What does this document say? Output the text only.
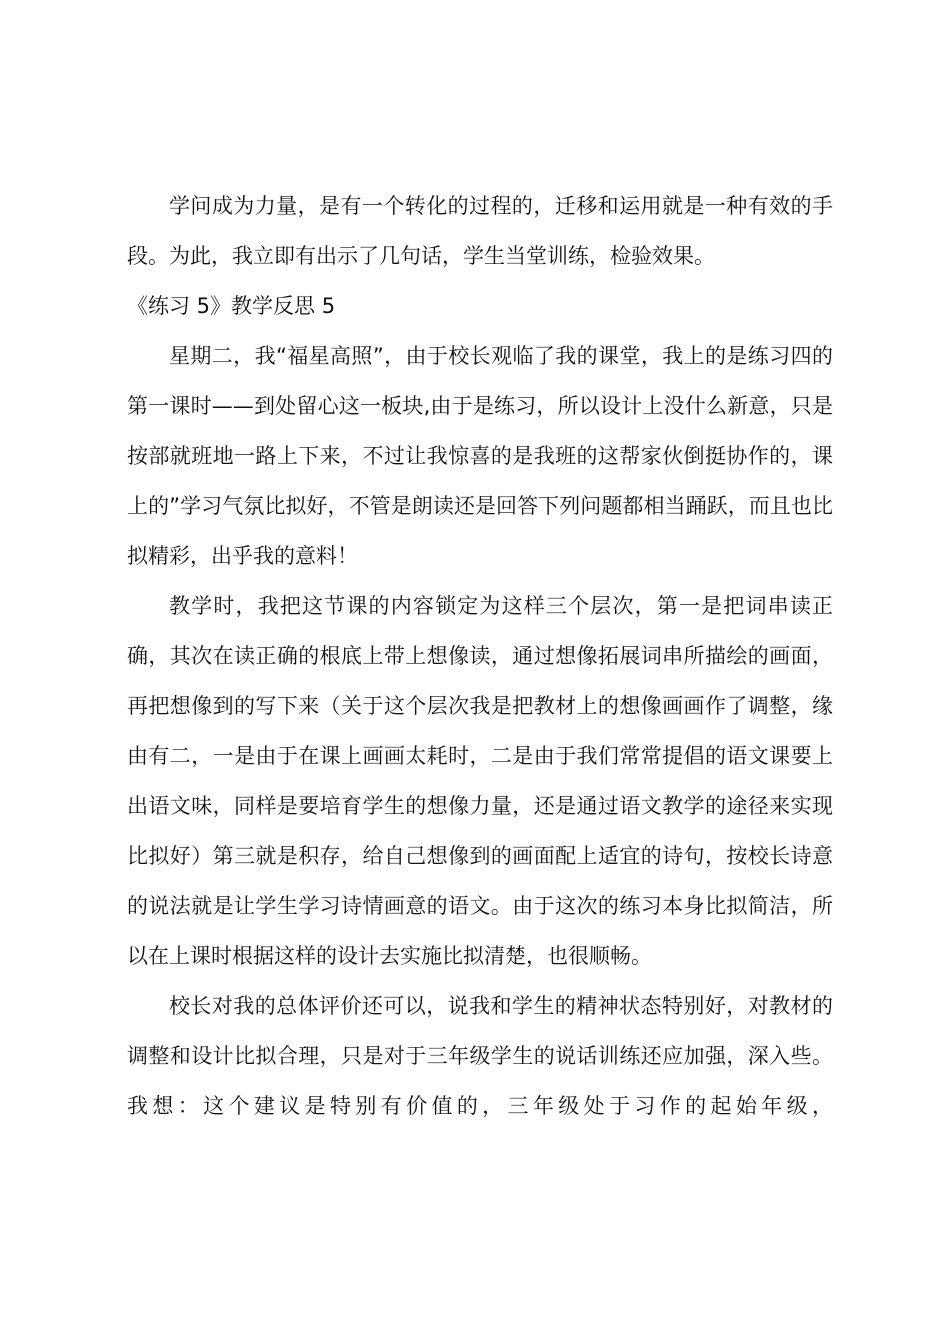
学问成为力量，是有一个转化的过程的，迁移和运用就是一种有效的手段。为此，我立即有出示了几句话，学生当堂训练，检验效果。

《练习 5》教学反思 5

星期二，我“福星高照”，由于校长观临了我的课堂，我上的是练习四的第一课时——到处留心这一板块,由于是练习，所以设计上没什么新意，只是按部就班地一路上下来，不过让我惊喜的是我班的这帮家伙倒挺协作的，课上的”学习气氛比拟好，不管是朗读还是回答下列问题都相当踊跃，而且也比拟精彩，出乎我的意料！

教学时，我把这节课的内容锁定为这样三个层次，第一是把词串读正确，其次在读正确的根底上带上想像读，通过想像拓展词串所描绘的画面，再把想像到的写下来（关于这个层次我是把教材上的想像画画作了调整，缘由有二，一是由于在课上画画太耗时，二是由于我们常常提倡的语文课要上出语文味，同样是要培育学生的想像力量，还是通过语文教学的途径来实现比拟好）第三就是积存，给自己想像到的画面配上适宜的诗句，按校长诗意的说法就是让学生学习诗情画意的语文。由于这次的练习本身比拟简洁，所以在上课时根据这样的设计去实施比拟清楚，也很顺畅。

校长对我的总体评价还可以，说我和学生的精神状态特别好，对教材的调整和设计比拟合理，只是对于三年级学生的说话训练还应加强，深入些。我想：这个建议是特别有价值的，三年级处于习作的起始年级，
